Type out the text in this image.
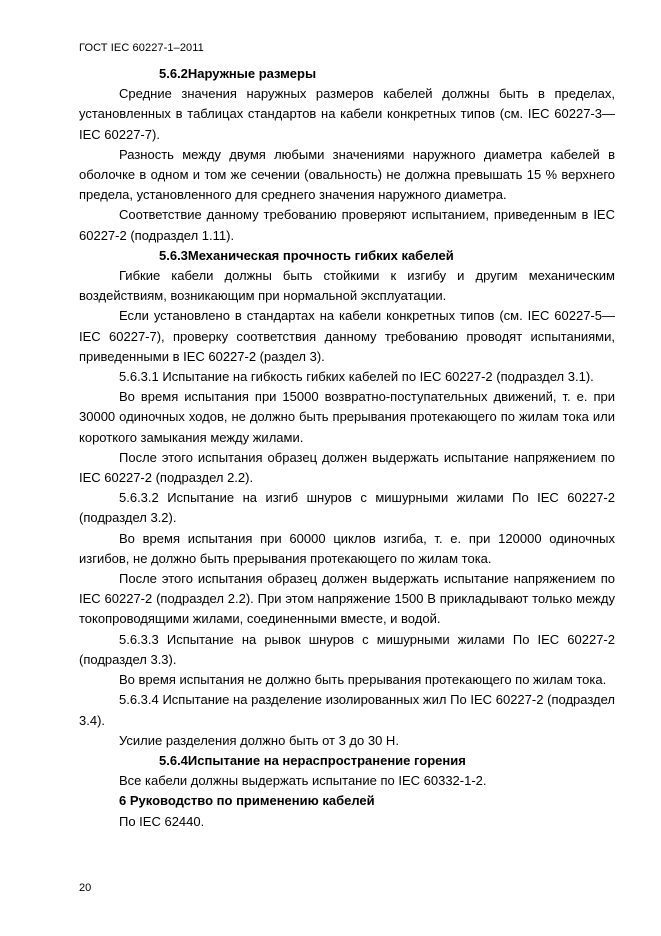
ГОСТ IEC 60227-1–2011

5.6.2Наружные размеры

Средние значения наружных размеров кабелей должны быть в пределах, установленных в таблицах стандартов на кабели конкретных типов (см. IEC 60227-3—IEC 60227-7).

Разность между двумя любыми значениями наружного диаметра кабелей в оболочке в одном и том же сечении (овальность) не должна превышать 15 % верхнего предела, установленного для среднего значения наружного диаметра.

Соответствие данному требованию проверяют испытанием, приведенным в IEC 60227-2 (подраздел 1.11).

5.6.3Механическая прочность гибких кабелей

Гибкие кабели должны быть стойкими к изгибу и другим механическим воздействиям, возникающим при нормальной эксплуатации.

Если установлено в стандартах на кабели конкретных типов (см. IEC 60227-5—IEC 60227-7), проверку соответствия данному требованию проводят испытаниями, приведенными в IEC 60227-2 (раздел 3).

5.6.3.1 Испытание на гибкость гибких кабелей по IEC 60227-2 (подраздел 3.1).

Во время испытания при 15000 возвратно-поступательных движений, т. е. при 30000 одиночных ходов, не должно быть прерывания протекающего по жилам тока или короткого замыкания между жилами.

После этого испытания образец должен выдержать испытание напряжением по IEC 60227-2 (подраздел 2.2).

5.6.3.2 Испытание на изгиб шнуров с мишурными жилами По IEC 60227-2 (подраздел 3.2).

Во время испытания при 60000 циклов изгиба, т. е. при 120000 одиночных изгибов, не должно быть прерывания протекающего по жилам тока.

После этого испытания образец должен выдержать испытание напряжением по IEC 60227-2 (подраздел 2.2). При этом напряжение 1500 В прикладывают только между токопроводящими жилами, соединенными вместе, и водой.

5.6.3.3 Испытание на рывок шнуров с мишурными жилами По IEC 60227-2 (подраздел 3.3).

Во время испытания не должно быть прерывания протекающего по жилам тока.

5.6.3.4 Испытание на разделение изолированных жил По IEC 60227-2 (подраздел 3.4).

Усилие разделения должно быть от 3 до 30 Н.

5.6.4Испытание на нераспространение горения

Все кабели должны выдержать испытание по IEC 60332-1-2.

6 Руководство по применению кабелей

По IEC 62440.

20
